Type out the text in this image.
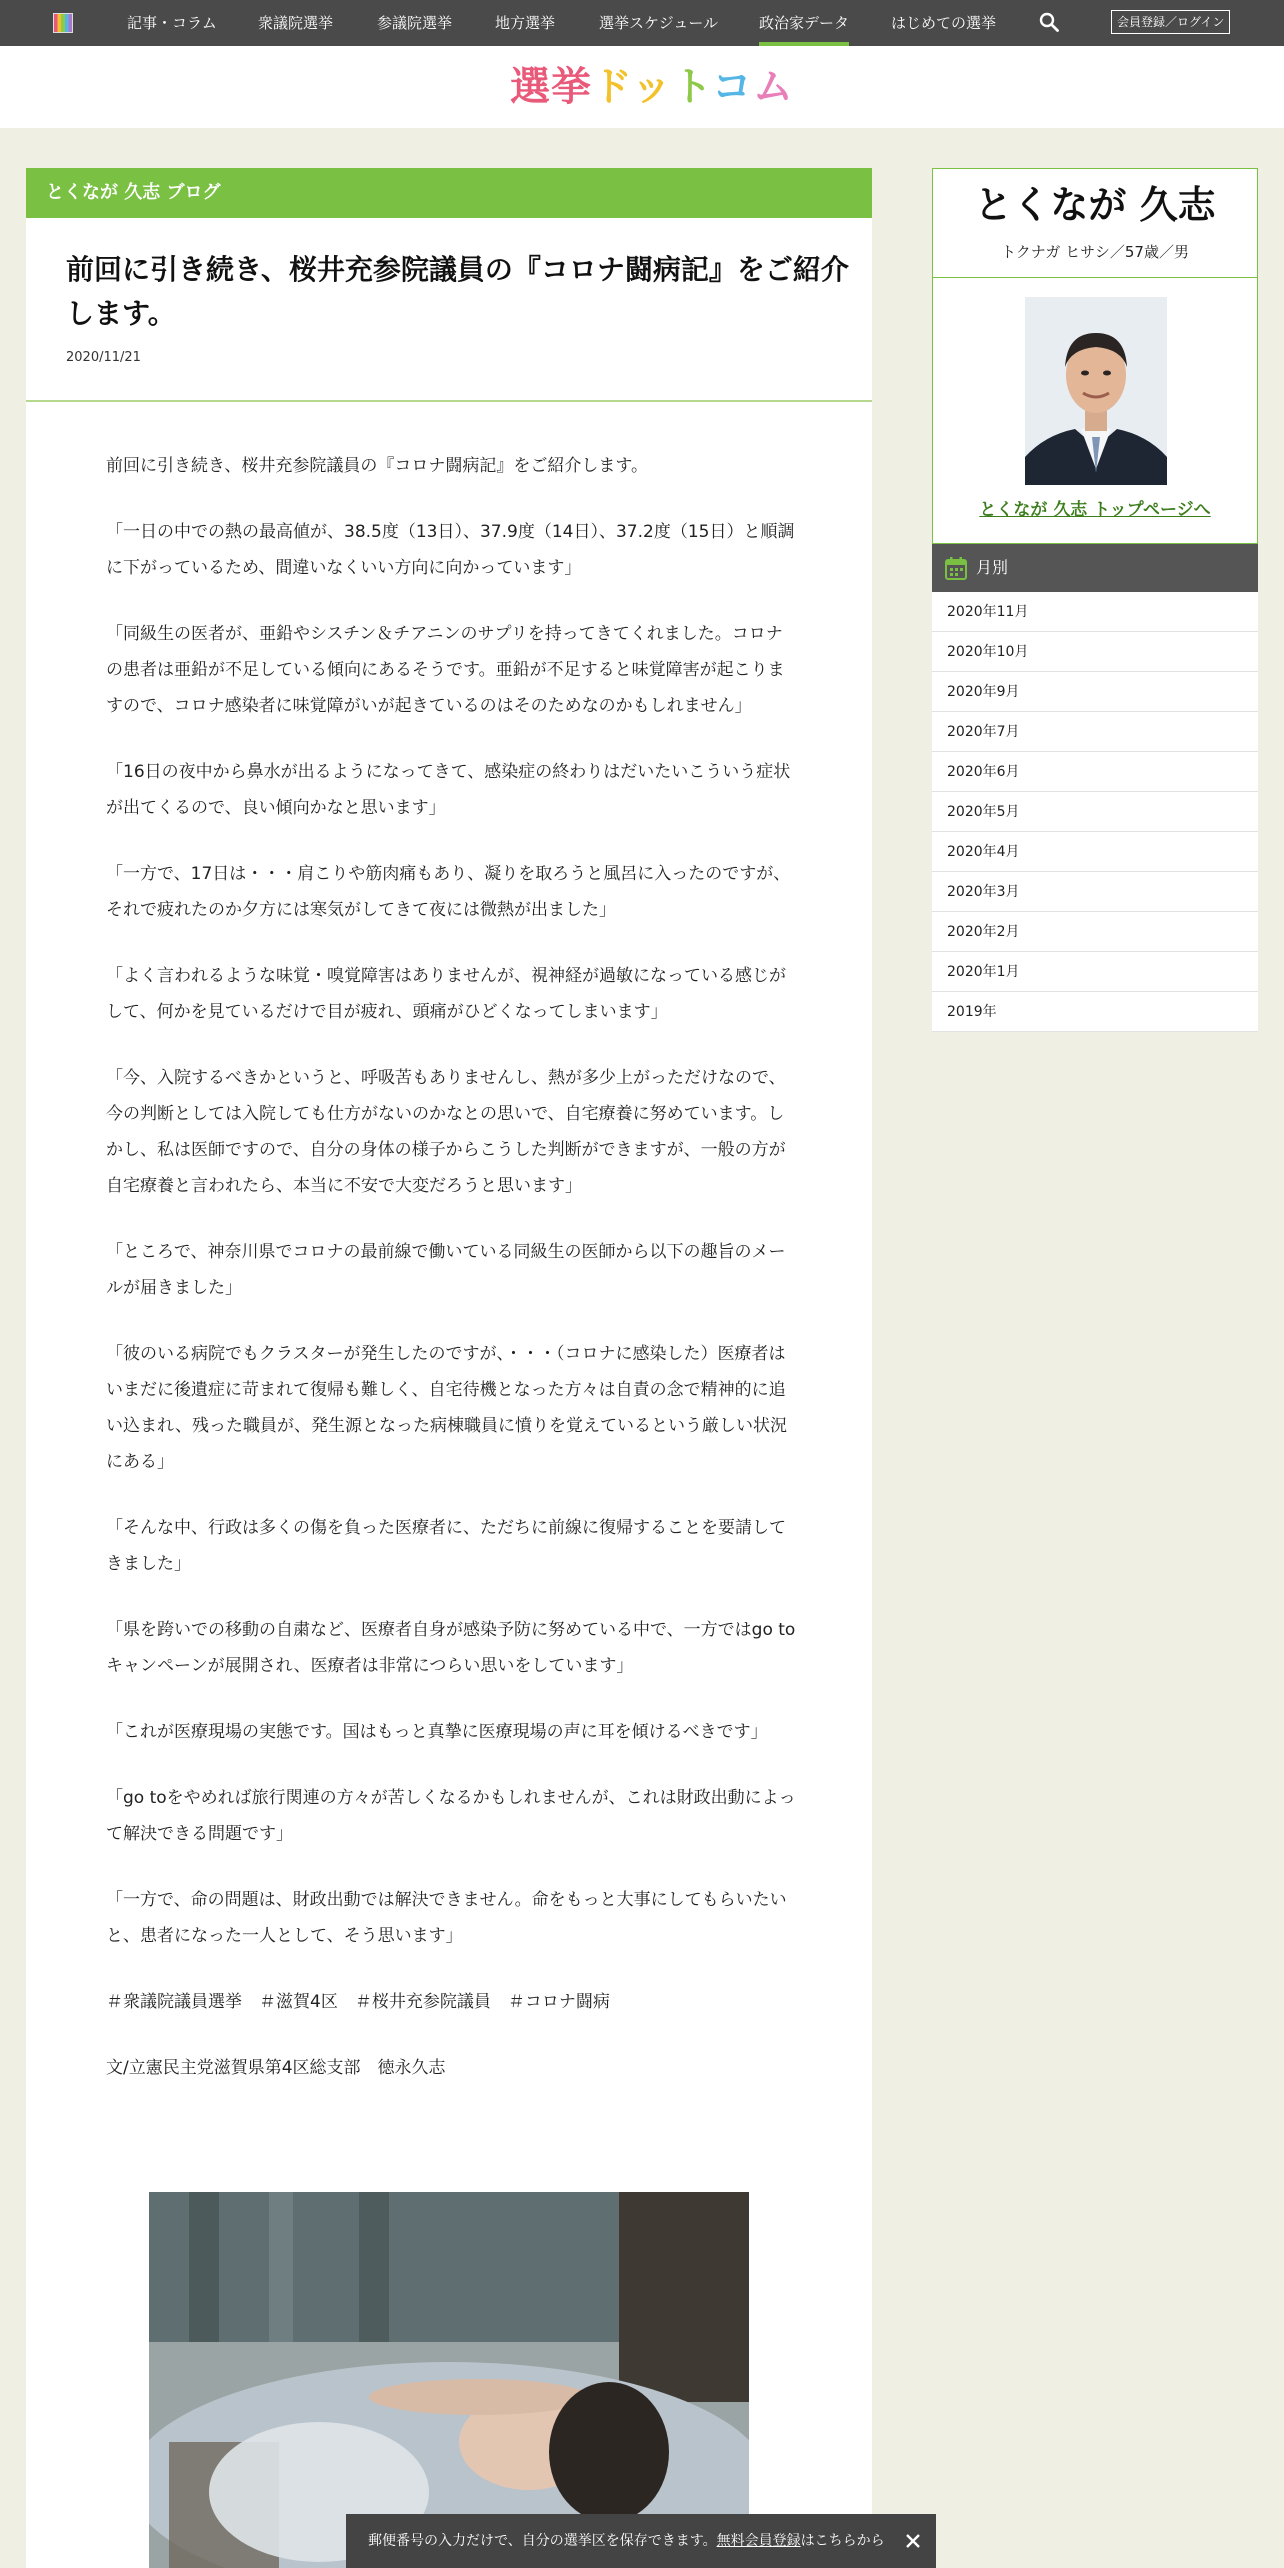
記事・コラム	衆議院選挙	参議院選挙	地方選挙	選挙スケジュール	政治家データ	はじめての選挙	会員登録／ログイン
選挙ドットコム
とくなが 久志 ブログ
前回に引き続き、桜井充参院議員の『コロナ闘病記』をご紹介します。
2020/11/21

前回に引き続き、桜井充参院議員の『コロナ闘病記』をご紹介します。

「一日の中での熱の最高値が、38.5度（13日）、37.9度（14日）、37.2度（15日）と順調に下がっているため、間違いなくいい方向に向かっています」

「同級生の医者が、亜鉛やシスチン＆チアニンのサプリを持ってきてくれました。コロナの患者は亜鉛が不足している傾向にあるそうです。亜鉛が不足すると味覚障害が起こりますので、コロナ感染者に味覚障がいが起きているのはそのためなのかもしれません」

「16日の夜中から鼻水が出るようになってきて、感染症の終わりはだいたいこういう症状が出てくるので、良い傾向かなと思います」

「一方で、17日は・・・肩こりや筋肉痛もあり、凝りを取ろうと風呂に入ったのですが、それで疲れたのか夕方には寒気がしてきて夜には微熱が出ました」

「よく言われるような味覚・嗅覚障害はありませんが、視神経が過敏になっている感じがして、何かを見ているだけで目が疲れ、頭痛がひどくなってしまいます」

「今、入院するべきかというと、呼吸苦もありませんし、熱が多少上がっただけなので、今の判断としては入院しても仕方がないのかなとの思いで、自宅療養に努めています。しかし、私は医師ですので、自分の身体の様子からこうした判断ができますが、一般の方が自宅療養と言われたら、本当に不安で大変だろうと思います」

「ところで、神奈川県でコロナの最前線で働いている同級生の医師から以下の趣旨のメールが届きました」

「彼のいる病院でもクラスターが発生したのですが、・・・（コロナに感染した）医療者はいまだに後遺症に苛まれて復帰も難しく、自宅待機となった方々は自責の念で精神的に追い込まれ、残った職員が、発生源となった病棟職員に憤りを覚えているという厳しい状況にある」

「そんな中、行政は多くの傷を負った医療者に、ただちに前線に復帰することを要請してきました」

「県を跨いでの移動の自粛など、医療者自身が感染予防に努めている中で、一方ではgo toキャンペーンが展開され、医療者は非常につらい思いをしています」

「これが医療現場の実態です。国はもっと真摯に医療現場の声に耳を傾けるべきです」

「go toをやめれば旅行関連の方々が苦しくなるかもしれませんが、これは財政出動によって解決できる問題です」

「一方で、命の問題は、財政出動では解決できません。命をもっと大事にしてもらいたいと、患者になった一人として、そう思います」

＃衆議院議員選挙　＃滋賀4区　＃桜井充参院議員　＃コロナ闘病

文/立憲民主党滋賀県第4区総支部　徳永久志

とくなが 久志
トクナガ ヒサシ／57歳／男
とくなが 久志 トップページへ
月別
2020年11月
2020年10月
2020年9月
2020年7月
2020年6月
2020年5月
2020年4月
2020年3月
2020年2月
2020年1月
2019年
郵便番号の入力だけで、自分の選挙区を保存できます。無料会員登録はこちらから
